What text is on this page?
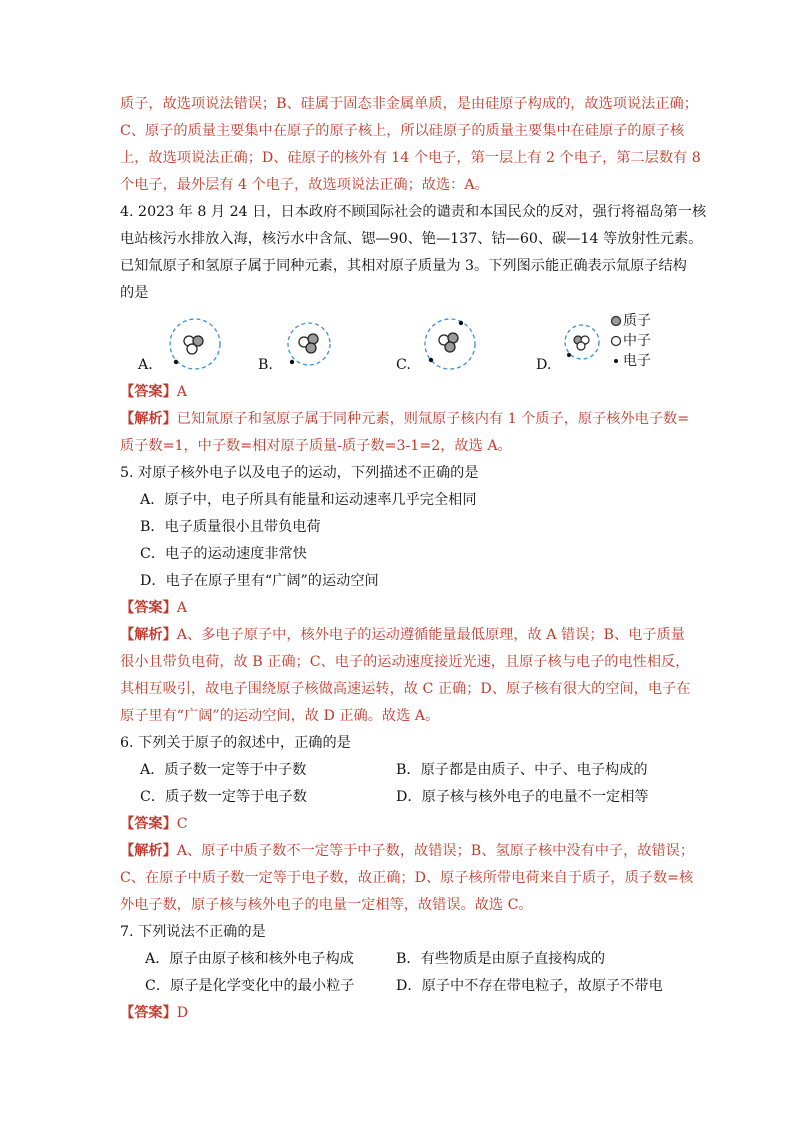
质子，故选项说法错误；B、硅属于固态非金属单质，是由硅原子构成的，故选项说法正确；
C、原子的质量主要集中在原子的原子核上，所以硅原子的质量主要集中在硅原子的原子核
上，故选项说法正确；D、硅原子的核外有 14 个电子，第一层上有 2 个电子，第二层数有 8
个电子，最外层有 4 个电子，故选项说法正确；故选：A。
4. 2023 年 8 月 24 日，日本政府不顾国际社会的谴责和本国民众的反对，强行将福岛第一核
电站核污水排放入海，核污水中含氚、锶—90、铯—137、钴—60、碳—14 等放射性元素。
已知氚原子和氢原子属于同种元素，其相对原子质量为 3。下列图示能正确表示氚原子结构
的是
A.	B.	C.	D.
质子
中子
电子
【答案】A
【解析】已知氚原子和氢原子属于同种元素，则氚原子核内有 1 个质子，原子核外电子数=
质子数=1，中子数=相对原子质量-质子数=3-1=2，故选 A。
5. 对原子核外电子以及电子的运动，下列描述不正确的是
A．原子中，电子所具有能量和运动速率几乎完全相同
B．电子质量很小且带负电荷
C．电子的运动速度非常快
D．电子在原子里有“广阔”的运动空间
【答案】A
【解析】A、多电子原子中，核外电子的运动遵循能量最低原理，故 A 错误；B、电子质量
很小且带负电荷，故 B 正确；C、电子的运动速度接近光速，且原子核与电子的电性相反，
其相互吸引，故电子围绕原子核做高速运转，故 C 正确；D、原子核有很大的空间，电子在
原子里有“广阔”的运动空间，故 D 正确。故选 A。
6. 下列关于原子的叙述中，正确的是
A．质子数一定等于中子数	B．原子都是由质子、中子、电子构成的
C．质子数一定等于电子数	D．原子核与核外电子的电量不一定相等
【答案】C
【解析】A、原子中质子数不一定等于中子数，故错误；B、氢原子核中没有中子，故错误；
C、在原子中质子数一定等于电子数，故正确；D、原子核所带电荷来自于质子，质子数=核
外电子数，原子核与核外电子的电量一定相等，故错误。故选 C。
7. 下列说法不正确的是
A．原子由原子核和核外电子构成	B．有些物质是由原子直接构成的
C．原子是化学变化中的最小粒子	D．原子中不存在带电粒子，故原子不带电
【答案】D
